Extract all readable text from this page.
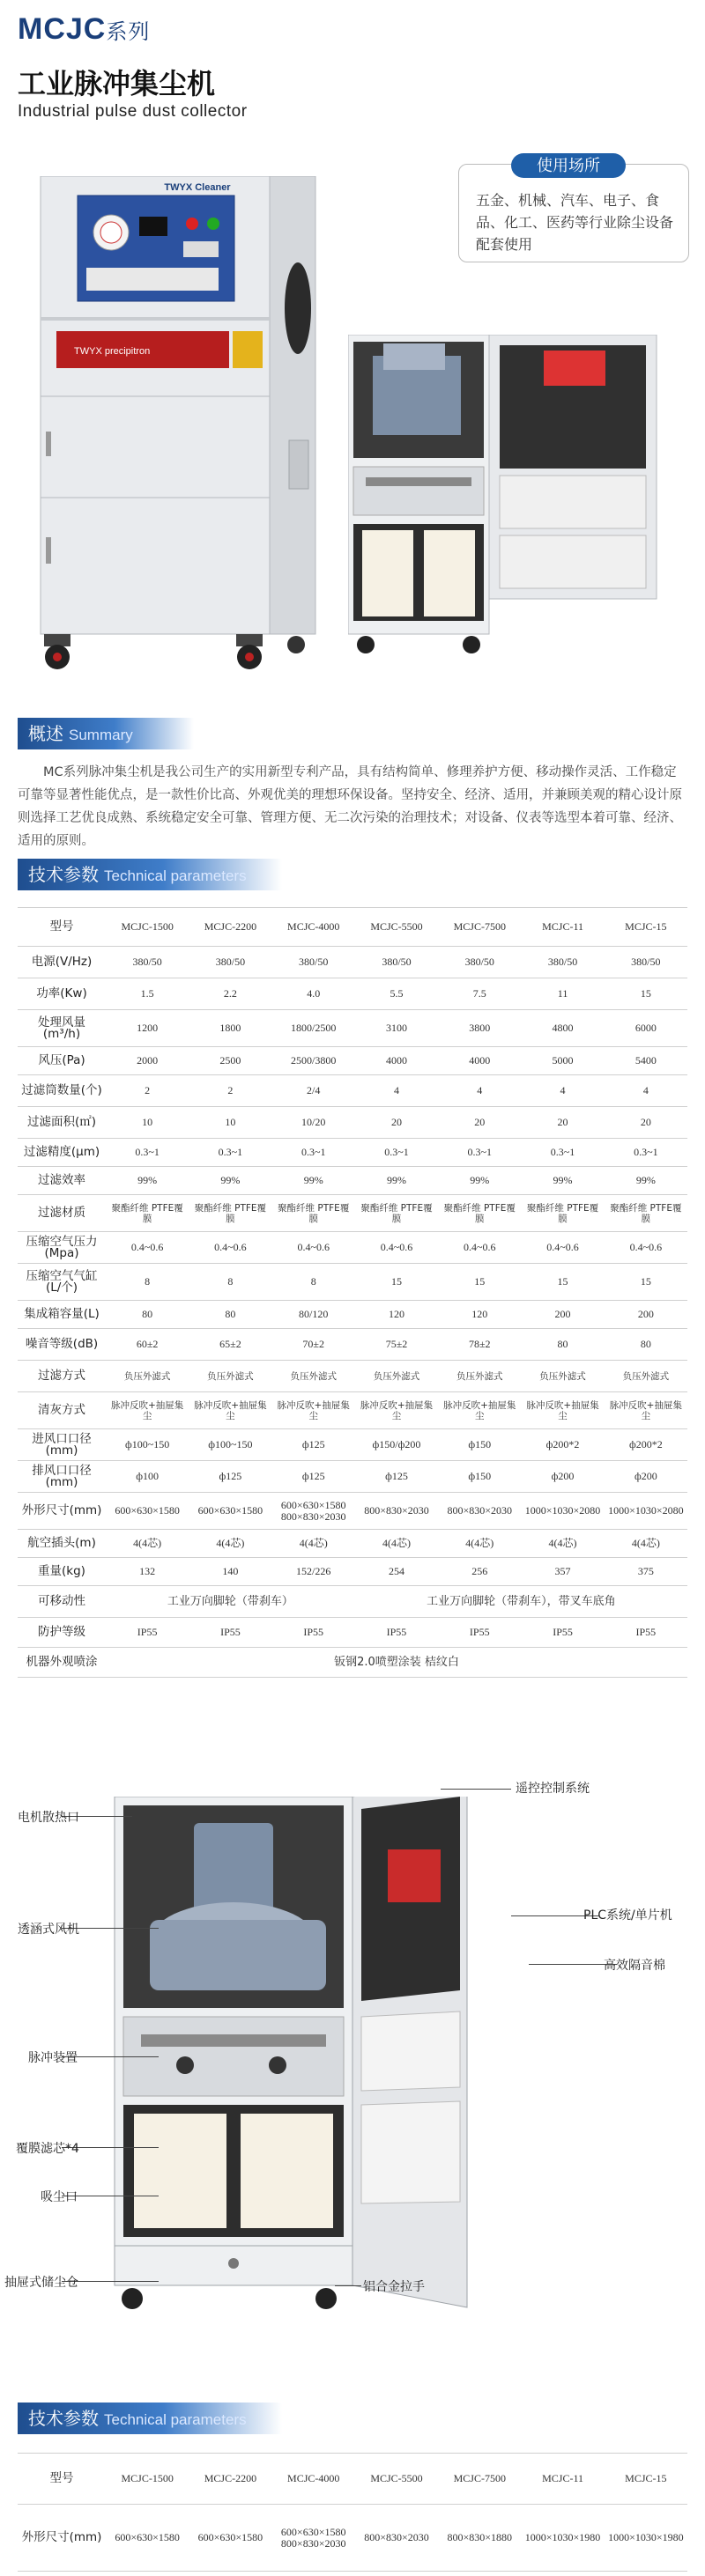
MCJC系列
工业脉冲集尘机
Industrial pulse dust collector
使用场所
五金、机械、汽车、电子、食品、化工、医药等行业除尘设备配套使用
TWYX Cleaner
TWYX precipitron
概述 Summary
MC系列脉冲集尘机是我公司生产的实用新型专利产品，具有结构简单、修理养护方便、移动操作灵活、工作稳定可靠等显著性能优点，是一款性价比高、外观优美的理想环保设备。坚持安全、经济、适用，并兼顾美观的精心设计原则选择工艺优良成熟、系统稳定安全可靠、管理方便、无二次污染的治理技术；对设备、仪表等选型本着可靠、经济、适用的原则。
技术参数 Technical parameters
型号	MCJC-1500	MCJC-2200	MCJC-4000	MCJC-5500	MCJC-7500	MCJC-11	MCJC-15
电源(V/Hz)	380/50	380/50	380/50	380/50	380/50	380/50	380/50
功率(Kw)	1.5	2.2	4.0	5.5	7.5	11	15
处理风量(m³/h)	1200	1800	1800/2500	3100	3800	4800	6000
风压(Pa)	2000	2500	2500/3800	4000	4000	5000	5400
过滤筒数量(个)	2	2	2/4	4	4	4	4
过滤面积(㎡)	10	10	10/20	20	20	20	20
过滤精度(μm)	0.3~1	0.3~1	0.3~1	0.3~1	0.3~1	0.3~1	0.3~1
过滤效率	99%	99%	99%	99%	99%	99%	99%
过滤材质	聚酯纤维 PTFE覆膜	聚酯纤维 PTFE覆膜	聚酯纤维 PTFE覆膜	聚酯纤维 PTFE覆膜	聚酯纤维 PTFE覆膜	聚酯纤维 PTFE覆膜	聚酯纤维 PTFE覆膜
压缩空气压力(Mpa)	0.4~0.6	0.4~0.6	0.4~0.6	0.4~0.6	0.4~0.6	0.4~0.6	0.4~0.6
压缩空气气缸(L/个)	8	8	8	15	15	15	15
集成箱容量(L)	80	80	80/120	120	120	200	200
噪音等级(dB)	60±2	65±2	70±2	75±2	78±2	80	80
过滤方式	负压外滤式	负压外滤式	负压外滤式	负压外滤式	负压外滤式	负压外滤式	负压外滤式
清灰方式	脉冲反吹+抽屉集尘	脉冲反吹+抽屉集尘	脉冲反吹+抽屉集尘	脉冲反吹+抽屉集尘	脉冲反吹+抽屉集尘	脉冲反吹+抽屉集尘	脉冲反吹+抽屉集尘
进风口口径(mm)	ф100~150	ф100~150	ф125	ф150/ф200	ф150	ф200*2	ф200*2
排风口口径(mm)	ф100	ф125	ф125	ф125	ф150	ф200	ф200
外形尺寸(mm)	600×630×1580	600×630×1580	600×630×1580 800×830×2030	800×830×2030	800×830×2030	1000×1030×2080	1000×1030×2080
航空插头(m)	4(4芯)	4(4芯)	4(4芯)	4(4芯)	4(4芯)	4(4芯)	4(4芯)
重量(kg)	132	140	152/226	254	256	357	375
可移动性	工业万向脚轮（带刹车）			工业万向脚轮（带刹车），带叉车底角			
防护等级	IP55	IP55	IP55	IP55	IP55	IP55	IP55
机器外观喷涂	钣钢2.0喷塑涂装 桔纹白						
电机散热口
遥控控制系统
PLC系统/单片机
透涵式风机
高效隔音棉
脉冲装置
覆膜滤芯*4
吸尘口
抽屉式储尘仓	铝合金拉手
技术参数 Technical parameters
型号	MCJC-1500	MCJC-2200	MCJC-4000	MCJC-5500	MCJC-7500	MCJC-11	MCJC-15
外形尺寸(mm)	600×630×1580	600×630×1580	600×630×1580 800×830×2030	800×830×2030	800×830×1880	1000×1030×1980	1000×1030×1980
